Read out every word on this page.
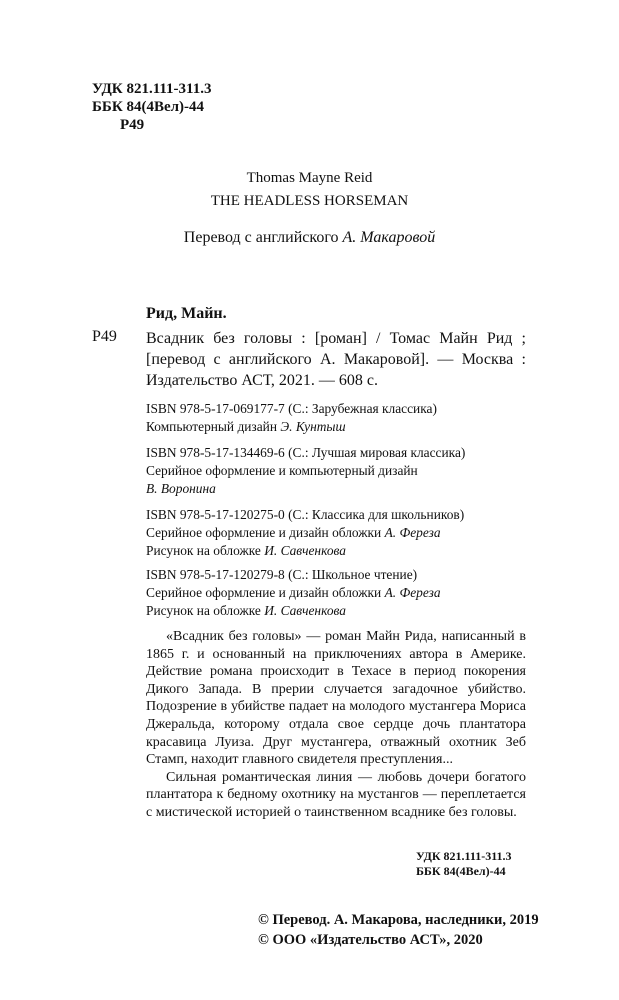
УДК 821.111-311.3
ББК 84(4Вел)-44
Р49
Thomas Mayne Reid
THE HEADLESS HORSEMAN
Перевод с английского А. Макаровой
Рид, Майн.
Р49 Всадник без головы : [роман] / Томас Майн Рид ; [перевод с английского А. Макаровой]. — Москва : Издательство АСТ, 2021. — 608 с.
ISBN 978-5-17-069177-7 (С.: Зарубежная классика)
Компьютерный дизайн Э. Кунтыш
ISBN 978-5-17-134469-6 (С.: Лучшая мировая классика)
Серийное оформление и компьютерный дизайн
В. Воронина
ISBN 978-5-17-120275-0 (С.: Классика для школьников)
Серийное оформление и дизайн обложки А. Фереза
Рисунок на обложке И. Савченкова
ISBN 978-5-17-120279-8 (С.: Школьное чтение)
Серийное оформление и дизайн обложки А. Фереза
Рисунок на обложке И. Савченкова

«Всадник без головы» — роман Майн Рида, написанный в 1865 г. и основанный на приключениях автора в Америке. Действие романа происходит в Техасе в период покорения Дикого Запада. В прерии случается загадочное убийство. Подозрение в убийстве падает на молодого мустангера Мориса Джеральда, которому отдала свое сердце дочь плантатора красавица Луиза. Друг мустангера, отважный охотник Зеб Стамп, находит главного свидетеля преступления...

Сильная романтическая линия — любовь дочери богатого плантатора к бедному охотнику на мустангов — переплетается с мистической историей о таинственном всаднике без головы.

УДК 821.111-311.3
ББК 84(4Вел)-44
© Перевод. А. Макарова, наследники, 2019
© ООО «Издательство АСТ», 2020
